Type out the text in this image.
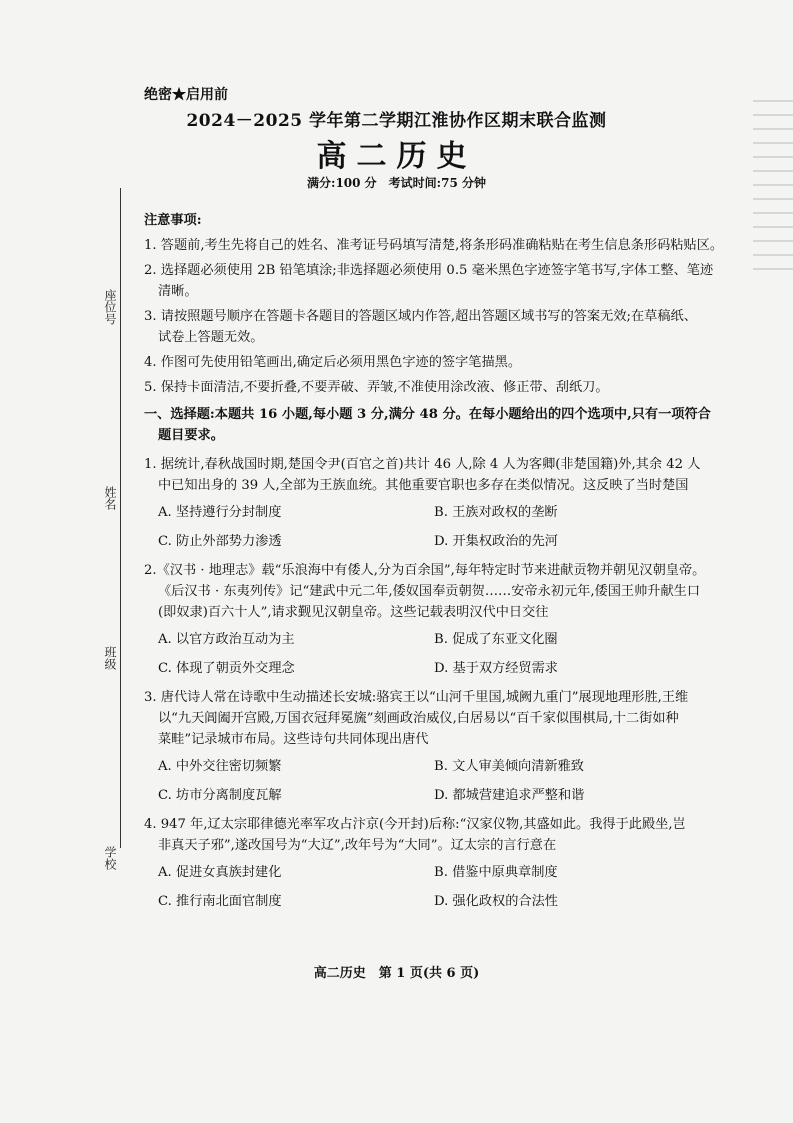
绝密★启用前
2024－2025 学年第二学期江淮协作区期末联合监测
高二历史
满分:100 分　考试时间:75 分钟
座位号
姓名
班级
学校
注意事项:
1. 答题前,考生先将自己的姓名、准考证号码填写清楚,将条形码准确粘贴在考生信息条形码粘贴区。
2. 选择题必须使用 2B 铅笔填涂;非选择题必须使用 0.5 毫米黑色字迹签字笔书写,字体工整、笔迹
清晰。
3. 请按照题号顺序在答题卡各题目的答题区域内作答,超出答题区域书写的答案无效;在草稿纸、
试卷上答题无效。
4. 作图可先使用铅笔画出,确定后必须用黑色字迹的签字笔描黑。
5. 保持卡面清洁,不要折叠,不要弄破、弄皱,不准使用涂改液、修正带、刮纸刀。
一、选择题:本题共 16 小题,每小题 3 分,满分 48 分。在每小题给出的四个选项中,只有一项符合
题目要求。
1. 据统计,春秋战国时期,楚国令尹(百官之首)共计 46 人,除 4 人为客卿(非楚国籍)外,其余 42 人
中已知出身的 39 人,全部为王族血统。其他重要官职也多存在类似情况。这反映了当时楚国
A. 坚持遵行分封制度	B. 王族对政权的垄断
C. 防止外部势力渗透	D. 开集权政治的先河
2.《汉书 · 地理志》载“乐浪海中有倭人,分为百余国”,每年特定时节来进献贡物并朝见汉朝皇帝。
《后汉书 · 东夷列传》记“建武中元二年,倭奴国奉贡朝贺……安帝永初元年,倭国王帅升献生口
(即奴隶)百六十人”,请求觐见汉朝皇帝。这些记载表明汉代中日交往
A. 以官方政治互动为主	B. 促成了东亚文化圈
C. 体现了朝贡外交理念	D. 基于双方经贸需求
3. 唐代诗人常在诗歌中生动描述长安城:骆宾王以“山河千里国,城阙九重门”展现地理形胜,王维
以“九天阊阖开宫殿,万国衣冠拜冕旒”刻画政治威仪,白居易以“百千家似围棋局,十二街如种
菜畦”记录城市布局。这些诗句共同体现出唐代
A. 中外交往密切频繁	B. 文人审美倾向清新雅致
C. 坊市分离制度瓦解	D. 都城营建追求严整和谐
4. 947 年,辽太宗耶律德光率军攻占汴京(今开封)后称:“汉家仪物,其盛如此。我得于此殿坐,岂
非真天子邪”,遂改国号为“大辽”,改年号为“大同”。辽太宗的言行意在
A. 促进女真族封建化	B. 借鉴中原典章制度
C. 推行南北面官制度	D. 强化政权的合法性
高二历史　第 1 页(共 6 页)
